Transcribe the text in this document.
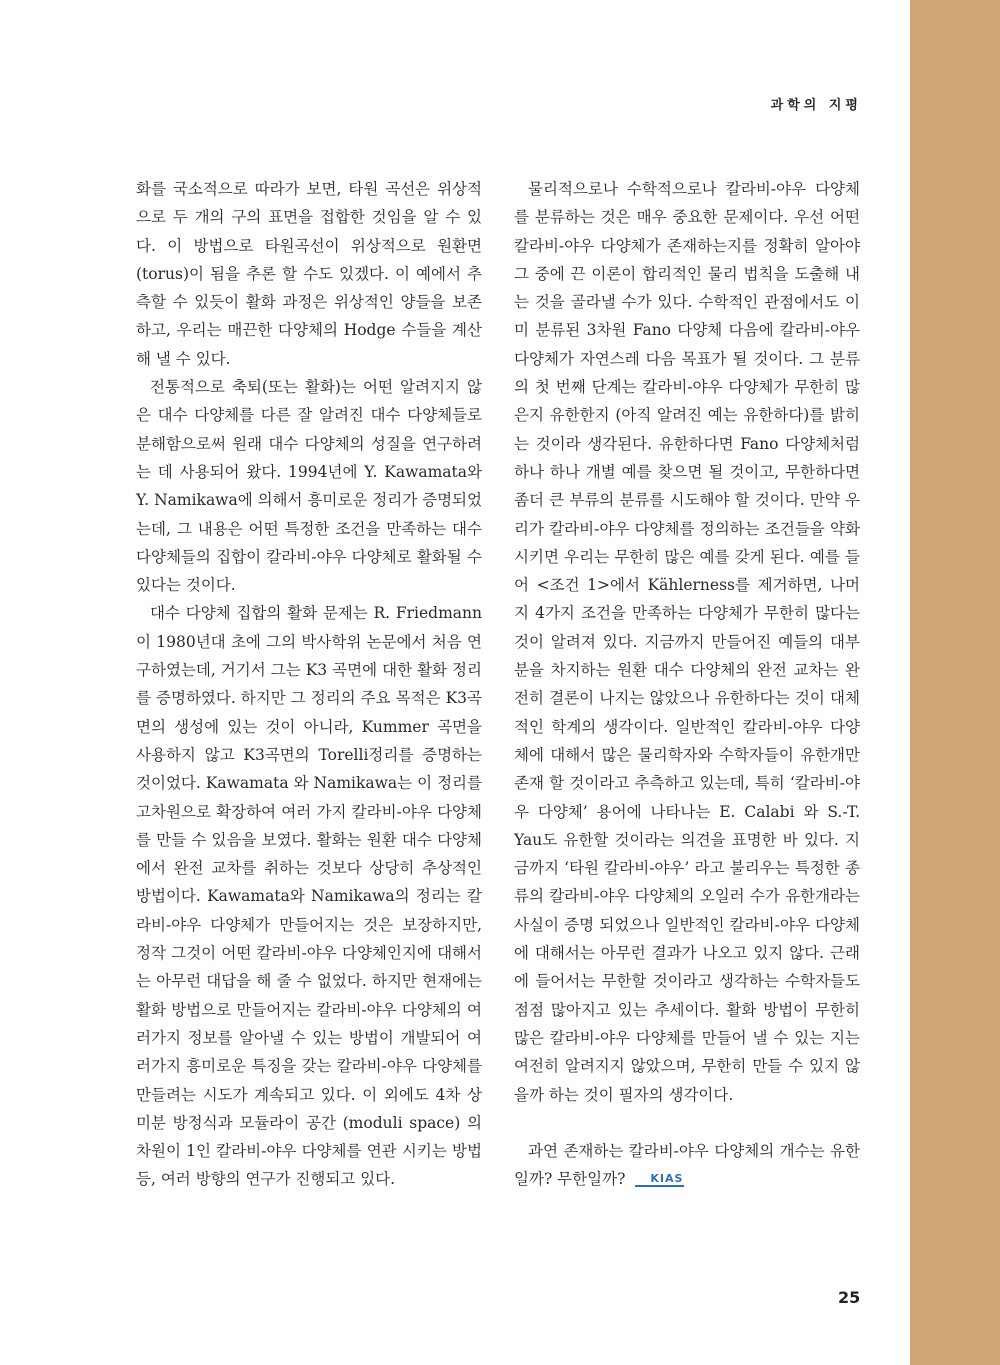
과학의 지평

화를 국소적으로 따라가 보면, 타원 곡선은 위상적으로 두 개의 구의 표면을 접합한 것임을 알 수 있다. 이 방법으로 타원곡선이 위상적으로 원환면(torus)이 됨을 추론 할 수도 있겠다. 이 예에서 추측할 수 있듯이 활화 과정은 위상적인 양들을 보존하고, 우리는 매끈한 다양체의 Hodge 수들을 계산해 낼 수 있다.

전통적으로 축퇴(또는 활화)는 어떤 알려지지 않은 대수 다양체를 다른 잘 알려진 대수 다양체들로 분해함으로써 원래 대수 다양체의 성질을 연구하려는 데 사용되어 왔다. 1994년에 Y. Kawamata와 Y. Namikawa에 의해서 흥미로운 정리가 증명되었는데, 그 내용은 어떤 특정한 조건을 만족하는 대수 다양체들의 집합이 칼라비-야우 다양체로 활화될 수 있다는 것이다.

대수 다양체 집합의 활화 문제는 R. Friedmann이 1980년대 초에 그의 박사학위 논문에서 처음 연구하였는데, 거기서 그는 K3 곡면에 대한 활화 정리를 증명하였다. 하지만 그 정리의 주요 목적은 K3곡면의 생성에 있는 것이 아니라, Kummer 곡면을 사용하지 않고 K3곡면의 Torelli정리를 증명하는 것이었다. Kawamata 와 Namikawa는 이 정리를 고차원으로 확장하여 여러 가지 칼라비-야우 다양체를 만들 수 있음을 보였다. 활화는 원환 대수 다양체에서 완전 교차를 취하는 것보다 상당히 추상적인 방법이다. Kawamata와 Namikawa의 정리는 칼라비-야우 다양체가 만들어지는 것은 보장하지만, 정작 그것이 어떤 칼라비-야우 다양체인지에 대해서는 아무런 대답을 해 줄 수 없었다. 하지만 현재에는 활화 방법으로 만들어지는 칼라비-야우 다양체의 여러가지 정보를 알아낼 수 있는 방법이 개발되어 여러가지 흥미로운 특징을 갖는 칼라비-야우 다양체를 만들려는 시도가 계속되고 있다. 이 외에도 4차 상미분 방정식과 모듈라이 공간 (moduli space) 의 차원이 1인 칼라비-야우 다양체를 연관 시키는 방법 등, 여러 방향의 연구가 진행되고 있다.

물리적으로나 수학적으로나 칼라비-야우 다양체를 분류하는 것은 매우 중요한 문제이다. 우선 어떤 칼라비-야우 다양체가 존재하는지를 정확히 알아야 그 중에 끈 이론이 합리적인 물리 법칙을 도출해 내는 것을 골라낼 수가 있다. 수학적인 관점에서도 이미 분류된 3차원 Fano 다양체 다음에 칼라비-야우 다양체가 자연스레 다음 목표가 될 것이다. 그 분류의 첫 번째 단계는 칼라비-야우 다양체가 무한히 많은지 유한한지 (아직 알려진 예는 유한하다)를 밝히는 것이라 생각된다. 유한하다면 Fano 다양체처럼 하나 하나 개별 예를 찾으면 될 것이고, 무한하다면 좀더 큰 부류의 분류를 시도해야 할 것이다. 만약 우리가 칼라비-야우 다양체를 정의하는 조건들을 약화시키면 우리는 무한히 많은 예를 갖게 된다. 예를 들어 <조건 1>에서 Kählerness를 제거하면, 나머지 4가지 조건을 만족하는 다양체가 무한히 많다는 것이 알려져 있다. 지금까지 만들어진 예들의 대부분을 차지하는 원환 대수 다양체의 완전 교차는 완전히 결론이 나지는 않았으나 유한하다는 것이 대체적인 학계의 생각이다. 일반적인 칼라비-야우 다양체에 대해서 많은 물리학자와 수학자들이 유한개만 존재 할 것이라고 추측하고 있는데, 특히 ‘칼라비-야우 다양체’ 용어에 나타나는 E. Calabi 와 S.-T. Yau도 유한할 것이라는 의견을 표명한 바 있다. 지금까지 ‘타원 칼라비-야우’ 라고 불리우는 특정한 종류의 칼라비-야우 다양체의 오일러 수가 유한개라는 사실이 증명 되었으나 일반적인 칼라비-야우 다양체에 대해서는 아무런 결과가 나오고 있지 않다. 근래에 들어서는 무한할 것이라고 생각하는 수학자들도 점점 많아지고 있는 추세이다. 활화 방법이 무한히 많은 칼라비-야우 다양체를 만들어 낼 수 있는 지는 여전히 알려지지 않았으며, 무한히 만들 수 있지 않을까 하는 것이 필자의 생각이다.

과연 존재하는 칼라비-야우 다양체의 개수는 유한일까? 무한일까? KIAS

25
